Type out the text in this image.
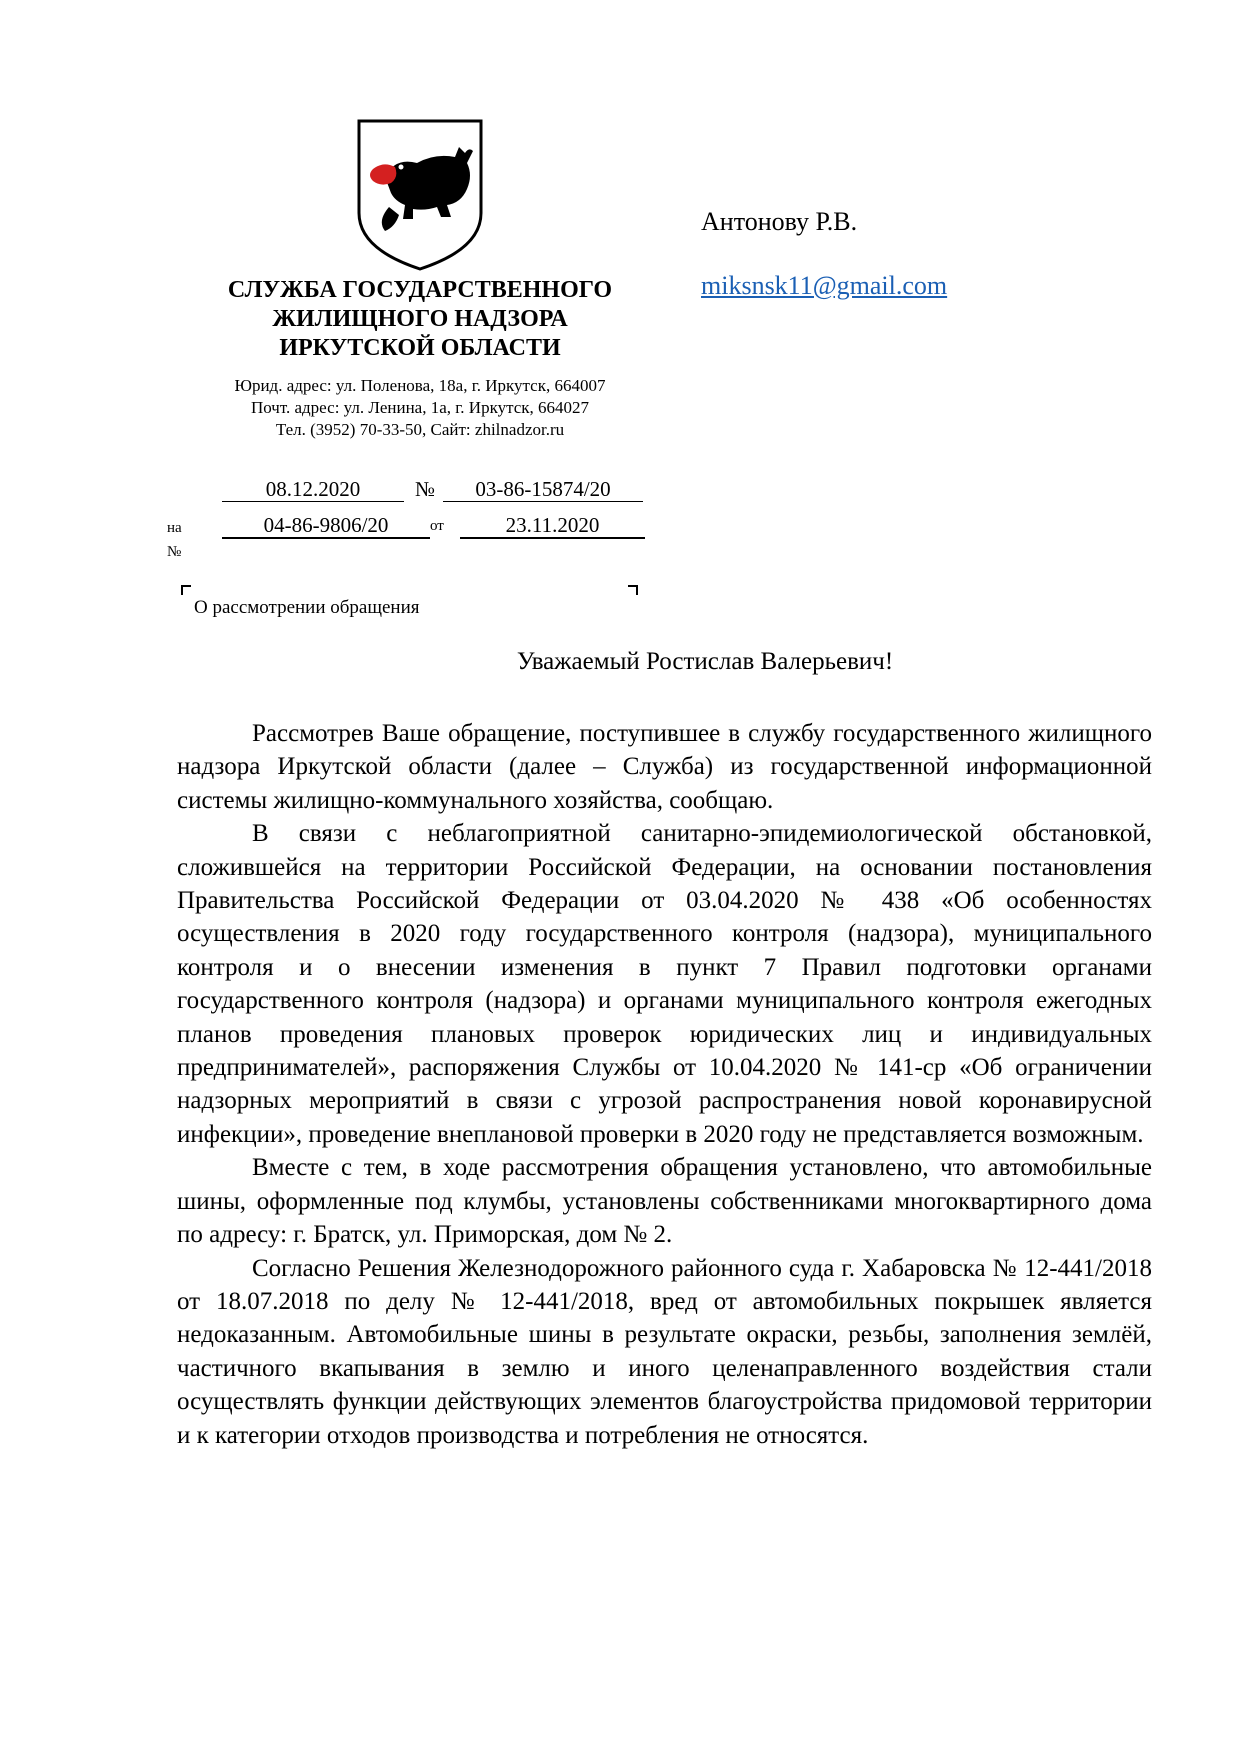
СЛУЖБА ГОСУДАРСТВЕННОГО
ЖИЛИЩНОГО НАДЗОРА
ИРКУТСКОЙ ОБЛАСТИ
Юрид. адрес: ул. Поленова, 18а, г. Иркутск, 664007
Почт. адрес: ул. Ленина, 1а, г. Иркутск, 664027
Тел. (3952) 70-33-50, Сайт: zhilnadzor.ru
Антонову Р.В.
miksnsk11@gmail.com
08.12.2020	№	03-86-15874/20
на №
04-86-9806/20	от	23.11.2020
О рассмотрении обращения
Уважаемый Ростислав Валерьевич!

Рассмотрев Ваше обращение, поступившее в службу государственного жилищного надзора Иркутской области (далее – Служба) из государственной информационной системы жилищно-коммунального хозяйства, сообщаю.

В связи с неблагоприятной санитарно-эпидемиологической обстановкой, сложившейся на территории Российской Федерации, на основании постановления Правительства Российской Федерации от 03.04.2020 № 438 «Об особенностях осуществления в 2020 году государственного контроля (надзора), муниципального контроля и о внесении изменения в пункт 7 Правил подготовки органами государственного контроля (надзора) и органами муниципального контроля ежегодных планов проведения плановых проверок юридических лиц и индивидуальных предпринимателей», распоряжения Службы от 10.04.2020 № 141-ср «Об ограничении надзорных мероприятий в связи с угрозой распространения новой коронавирусной инфекции», проведение внеплановой проверки в 2020 году не представляется возможным.

Вместе с тем, в ходе рассмотрения обращения установлено, что автомобильные шины, оформленные под клумбы, установлены собственниками многоквартирного дома по адресу: г. Братск, ул. Приморская, дом № 2.

Согласно Решения Железнодорожного районного суда г. Хабаровска № 12-441/2018 от 18.07.2018 по делу № 12-441/2018, вред от автомобильных покрышек является недоказанным. Автомобильные шины в результате окраски, резьбы, заполнения землёй, частичного вкапывания в землю и иного целенаправленного воздействия стали осуществлять функции действующих элементов благоустройства придомовой территории и к категории отходов производства и потребления не относятся.
